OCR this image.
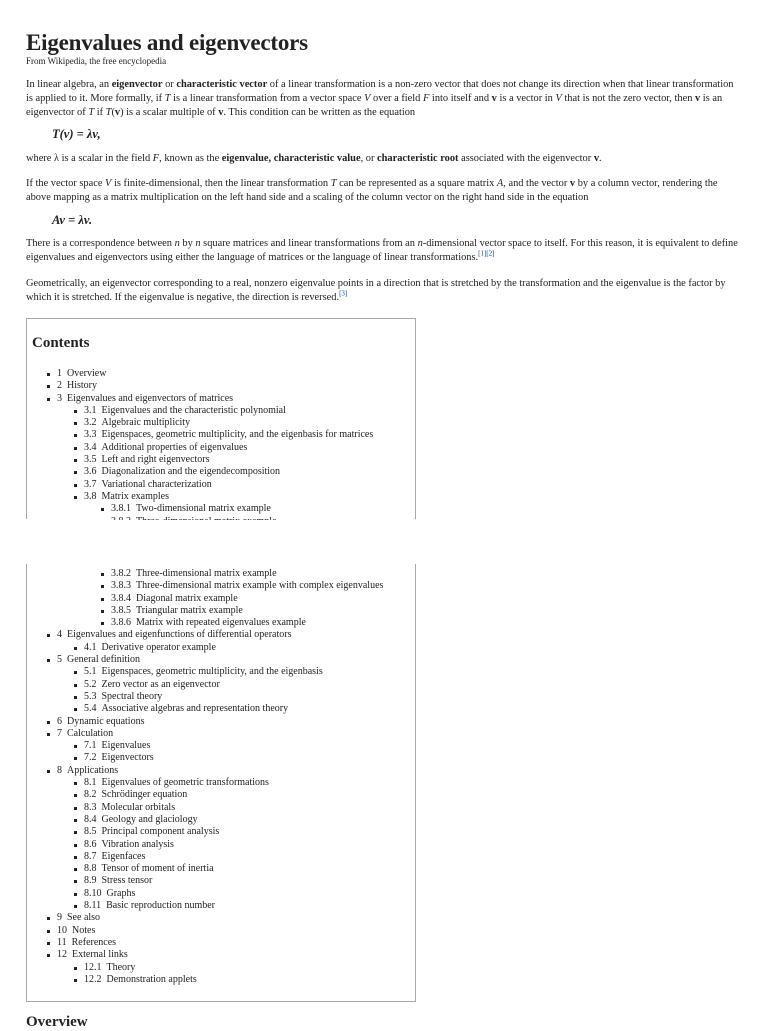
Eigenvalues and eigenvectors
From Wikipedia, the free encyclopedia
In linear algebra, an eigenvector or characteristic vector of a linear transformation is a non-zero vector that does not change its direction when that linear transformation is applied to it. More formally, if T is a linear transformation from a vector space V over a field F into itself and v is a vector in V that is not the zero vector, then v is an eigenvector of T if T(v) is a scalar multiple of v. This condition can be written as the equation
T(v) = λv,
where λ is a scalar in the field F, known as the eigenvalue, characteristic value, or characteristic root associated with the eigenvector v.
If the vector space V is finite-dimensional, then the linear transformation T can be represented as a square matrix A, and the vector v by a column vector, rendering the above mapping as a matrix multiplication on the left hand side and a scaling of the column vector on the right hand side in the equation
Av = λv.
There is a correspondence between n by n square matrices and linear transformations from an n-dimensional vector space to itself. For this reason, it is equivalent to define eigenvalues and eigenvectors using either the language of matrices or the language of linear transformations.[1][2]
Geometrically, an eigenvector corresponding to a real, nonzero eigenvalue points in a direction that is stretched by the transformation and the eigenvalue is the factor by which it is stretched. If the eigenvalue is negative, the direction is reversed.[3]
Contents
1 Overview
2 History
3 Eigenvalues and eigenvectors of matrices
3.1 Eigenvalues and the characteristic polynomial
3.2 Algebraic multiplicity
3.3 Eigenspaces, geometric multiplicity, and the eigenbasis for matrices
3.4 Additional properties of eigenvalues
3.5 Left and right eigenvectors
3.6 Diagonalization and the eigendecomposition
3.7 Variational characterization
3.8 Matrix examples
3.8.1 Two-dimensional matrix example
3.8.2 Three-dimensional matrix example
3.8.3 Three-dimensional matrix example with complex eigenvalues
3.8.4 Diagonal matrix example
3.8.5 Triangular matrix example
3.8.6 Matrix with repeated eigenvalues example
4 Eigenvalues and eigenfunctions of differential operators
4.1 Derivative operator example
5 General definition
5.1 Eigenspaces, geometric multiplicity, and the eigenbasis
5.2 Zero vector as an eigenvector
5.3 Spectral theory
5.4 Associative algebras and representation theory
6 Dynamic equations
7 Calculation
7.1 Eigenvalues
7.2 Eigenvectors
8 Applications
8.1 Eigenvalues of geometric transformations
8.2 Schrödinger equation
8.3 Molecular orbitals
8.4 Geology and glaciology
8.5 Principal component analysis
8.6 Vibration analysis
8.7 Eigenfaces
8.8 Tensor of moment of inertia
8.9 Stress tensor
8.10 Graphs
8.11 Basic reproduction number
9 See also
10 Notes
11 References
12 External links
12.1 Theory
12.2 Demonstration applets
Overview
